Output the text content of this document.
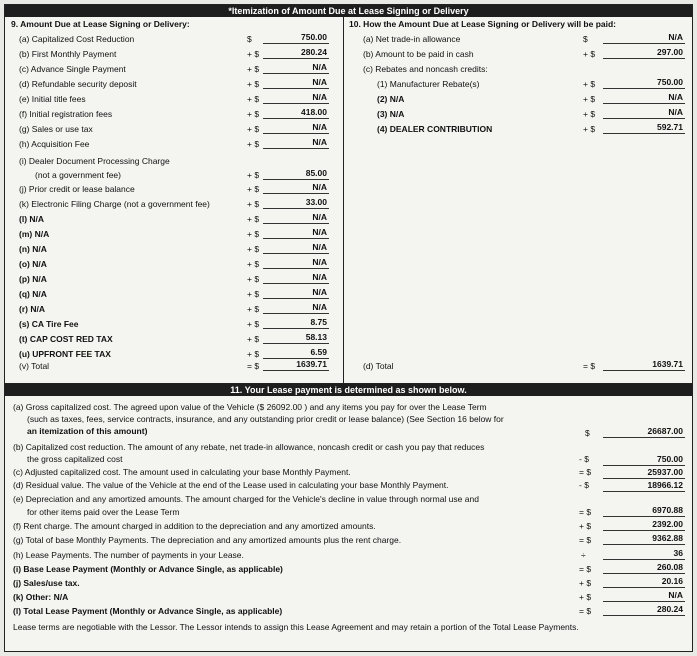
*Itemization of Amount Due at Lease Signing or Delivery
9. Amount Due at Lease Signing or Delivery:
(a) Capitalized Cost Reduction	$	750.00
(b) First Monthly Payment	+ $	280.24
(c) Advance Single Payment	+ $	N/A
(d) Refundable security deposit	+ $	N/A
(e) Initial title fees	+ $	N/A
(f) Initial registration fees	+ $	418.00
(g) Sales or use tax	+ $	N/A
(h) Acquisition Fee	+ $	N/A
(i) Dealer Document Processing Charge
(not a government fee)	+ $	85.00
(j) Prior credit or lease balance	+ $	N/A
(k) Electronic Filing Charge (not a government fee)	+ $	33.00
(l) N/A	+ $	N/A
(m) N/A	+ $	N/A
(n) N/A	+ $	N/A
(o) N/A	+ $	N/A
(p) N/A	+ $	N/A
(q) N/A	+ $	N/A
(r) N/A	+ $	N/A
(s) CA Tire Fee	+ $	8.75
(t) CAP COST RED TAX	+ $	58.13
(u) UPFRONT FEE TAX	+ $	6.59
(v) Total	= $	1639.71
10. How the Amount Due at Lease Signing or Delivery will be paid:
(a) Net trade-in allowance	$	N/A
(b) Amount to be paid in cash	+ $	297.00
(c) Rebates and noncash credits:
(1) Manufacturer Rebate(s)	+ $	750.00
(2) N/A	+ $	N/A
(3) N/A	+ $	N/A
(4) DEALER CONTRIBUTION	+ $	592.71
(d) Total	= $	1639.71
11. Your Lease payment is determined as shown below.
(a) Gross capitalized cost. The agreed upon value of the Vehicle ($ 26092.00 ) and any items you pay for over the Lease Term
(such as taxes, fees, service contracts, insurance, and any outstanding prior credit or lease balance) (See Section 16 below for
an itemization of this amount)	$	26687.00
(b) Capitalized cost reduction. The amount of any rebate, net trade-in allowance, noncash credit or cash you pay that reduces
the gross capitalized cost	- $	750.00
(c) Adjusted capitalized cost. The amount used in calculating your base Monthly Payment.	= $	25937.00
(d) Residual value. The value of the Vehicle at the end of the Lease used in calculating your base Monthly Payment.	- $	18966.12
(e) Depreciation and any amortized amounts. The amount charged for the Vehicle's decline in value through normal use and
for other items paid over the Lease Term	= $	6970.88
(f) Rent charge. The amount charged in addition to the depreciation and any amortized amounts.	+ $	2392.00
(g) Total of base Monthly Payments. The depreciation and any amortized amounts plus the rent charge.	= $	9362.88
(h) Lease Payments. The number of payments in your Lease.	÷	36
(i) Base Lease Payment (Monthly or Advance Single, as applicable)	= $	260.08
(j) Sales/use tax.	+ $	20.16
(k) Other: N/A	+ $	N/A
(l) Total Lease Payment (Monthly or Advance Single, as applicable)	= $	280.24
Lease terms are negotiable with the Lessor. The Lessor intends to assign this Lease Agreement and may retain a portion of the Total Lease Payments.
